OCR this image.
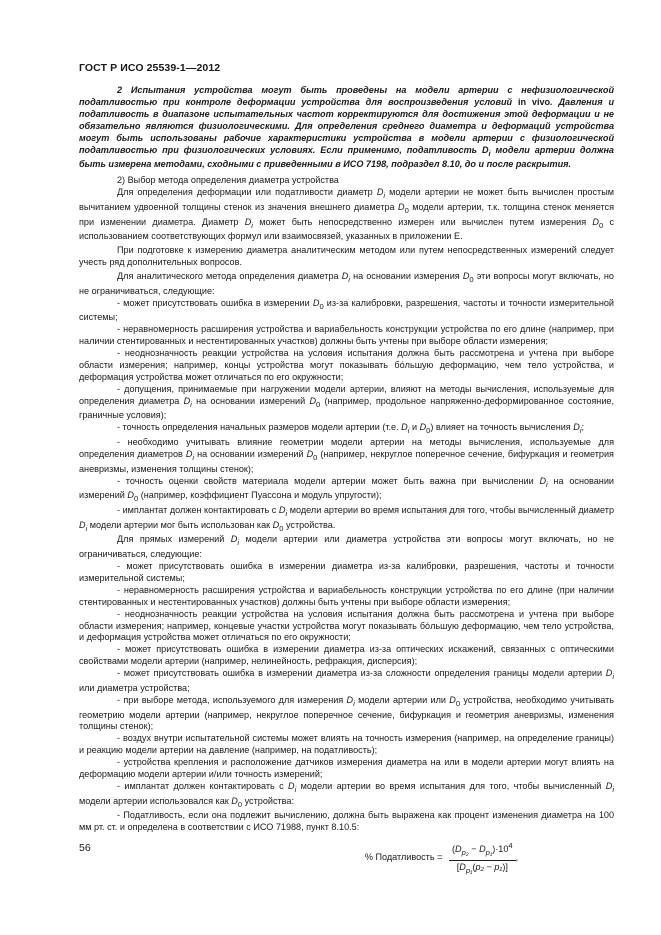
ГОСТ Р ИСО 25539-1—2012

2 Испытания устройства могут быть проведены на модели артерии с нефизиологической податливостью при контроле деформации устройства для воспроизведения условий in vivo. Давления и податливость в диапазоне испытательных частот корректируются для достижения этой деформации и не обязательно являются физиологическими. Для определения среднего диаметра и деформаций устройства могут быть использованы рабочие характеристики устройства в модели артерии с физиологической податливостью при физиологических условиях. Если применимо, податливость $D_i$ модели артерии должна быть измерена методами, сходными с приведенными в ИСО 7198, подраздел 8.10, до и после раскрытия.

2) Выбор метода определения диаметра устройства

Для определения деформации или податливости диаметр $D_i$ модели артерии не может быть вычислен простым вычитанием удвоенной толщины стенок из значения внешнего диаметра $D_0$ модели артерии, т.к. толщина стенок меняется при изменении диаметра. Диаметр $D_i$ может быть непосредственно измерен или вычислен путем измерения $D_0$ с использованием соответствующих формул или взаимосвязей, указанных в приложении Е.

При подготовке к измерению диаметра аналитическим методом или путем непосредственных измерений следует учесть ряд дополнительных вопросов.

Для аналитического метода определения диаметра $D_i$ на основании измерения $D_0$ эти вопросы могут включать, но не ограничиваться, следующие:

- может присутствовать ошибка в измерении $D_0$ из-за калибровки, разрешения, частоты и точности измерительной системы;

- неравномерность расширения устройства и вариабельность конструкции устройства по его длине (например, при наличии стентированных и нестентированных участков) должны быть учтены при выборе области измерения;

- неоднозначность реакции устройства на условия испытания должна быть рассмотрена и учтена при выборе области измерения; например, концы устройства могут показывать бóльшую деформацию, чем тело устройства, и деформация устройства может отличаться по его окружности;

- допущения, принимаемые при нагружении модели артерии, влияют на методы вычисления, используемые для определения диаметра $D_i$ на основании измерений $D_0$ (например, продольное напряженно-деформированное состояние, граничные условия);

- точность определения начальных размеров модели артерии (т.е. $D_i$ и $D_0$) влияет на точность вычисления $D_i$;

- необходимо учитывать влияние геометрии модели артерии на методы вычисления, используемые для определения диаметров $D_i$ на основании измерений $D_0$ (например, некруглое поперечное сечение, бифуркация и геометрия аневризмы, изменения толщины стенок);

- точность оценки свойств материала модели артерии может быть важна при вычислении $D_i$ на основании измерений $D_0$ (например, коэффициент Пуассона и модуль упругости);

- имплантат должен контактировать с $D_i$ модели артерии во время испытания для того, чтобы вычисленный диаметр $D_i$ модели артерии мог быть использован как $D_0$ устройства.

Для прямых измерений $D_i$ модели артерии или диаметра устройства эти вопросы могут включать, но не ограничиваться, следующие:

- может присутствовать ошибка в измерении диаметра из-за калибровки, разрешения, частоты и точности измерительной системы;

- неравномерность расширения устройства и вариабельность конструкции устройства по его длине (при наличии стентированных и нестентированных участков) должны быть учтены при выборе области измерения;

- неоднозначность реакции устройства на условия испытания должна быть рассмотрена и учтена при выборе области измерения; например, концевые участки устройства могут показывать бóльшую деформацию, чем тело устройства, и деформация устройства может отличаться по его окружности;

- может присутствовать ошибка в измерении диаметра из-за оптических искажений, связанных с оптическими свойствами модели артерии (например, нелинейность, рефракция, дисперсия);

- может присутствовать ошибка в измерении диаметра из-за сложности определения границы модели артерии $D_i$ или диаметра устройства;

- при выборе метода, используемого для измерения $D_i$ модели артерии или $D_0$ устройства, необходимо учитывать геометрию модели артерии (например, некруглое поперечное сечение, бифуркация и геометрия аневризмы, изменения толщины стенок);

- воздух внутри испытательной системы может влиять на точность измерения (например, на определение границы) и реакцию модели артерии на давление (например, на податливость);

- устройства крепления и расположение датчиков измерения диаметра на или в модели артерии могут влиять на деформацию модели артерии и/или точность измерений;

- имплантат должен контактировать с $D_i$ модели артерии во время испытания для того, чтобы вычисленный $D_i$ модели артерии использовался как $D_0$ устройства:

- Податливость, если она подлежит вычислению, должна быть выражена как процент изменения диаметра на 100 мм рт. ст. и определена в соответствии с ИСО 71988, пункт 8.10.5:

% Податливость = $\frac{(D_{p_2} - D_{p_1})\cdot 10^4}{[D_{p_1}(p_2 - p_1)]}$ ,
56
